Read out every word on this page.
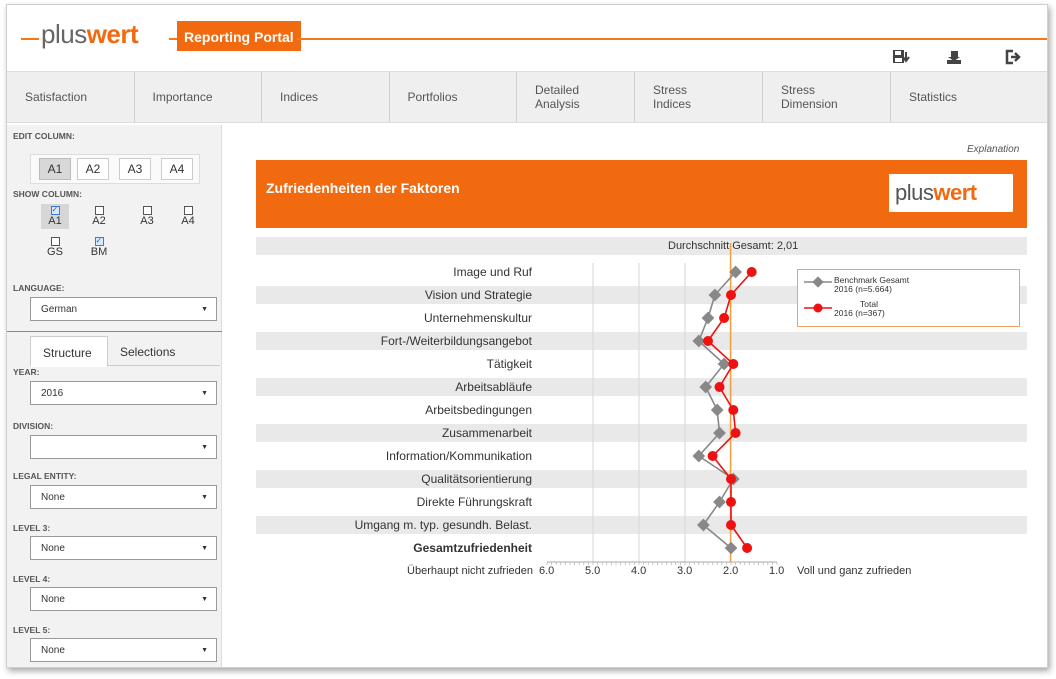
pluswert	Reporting Portal
Satisfaction	Importance	Indices	Portfolios	Detailed Analysis
Stress Indices
Stress Dimension	Statistics
EDIT COLUMN:
A1	A2	A3	A4
SHOW COLUMN:
✓
A1	A2	A3	A4
GS
✓	BM
LANGUAGE:
German	▼
Structure	Selections
YEAR:
2016	▼
DIVISION:
▼
LEGAL ENTITY:
None	▼
LEVEL 3:
None	▼
LEVEL 4:
None	▼
LEVEL 5:
None	▼
Explanation
Zufriedenheiten der Faktoren	pluswert
Durchschnitt Gesamt: 2,01
Image und Ruf
Vision und Strategie
Unternehmenskultur
Fort-/Weiterbildungsangebot
Tätigkeit
Arbeitsabläufe
Arbeitsbedingungen
Zusammenarbeit
Information/Kommunikation
Qualitätsorientierung
Direkte Führungskraft
Umgang m. typ. gesundh. Belast.
Gesamtzufriedenheit
6.0	5.0	4.0	3.0	2.0	1.0
Überhaupt nicht zufrieden	Voll und ganz zufrieden
Benchmark Gesamt
2016 (n=5.664)
Total
2016 (n=367)
